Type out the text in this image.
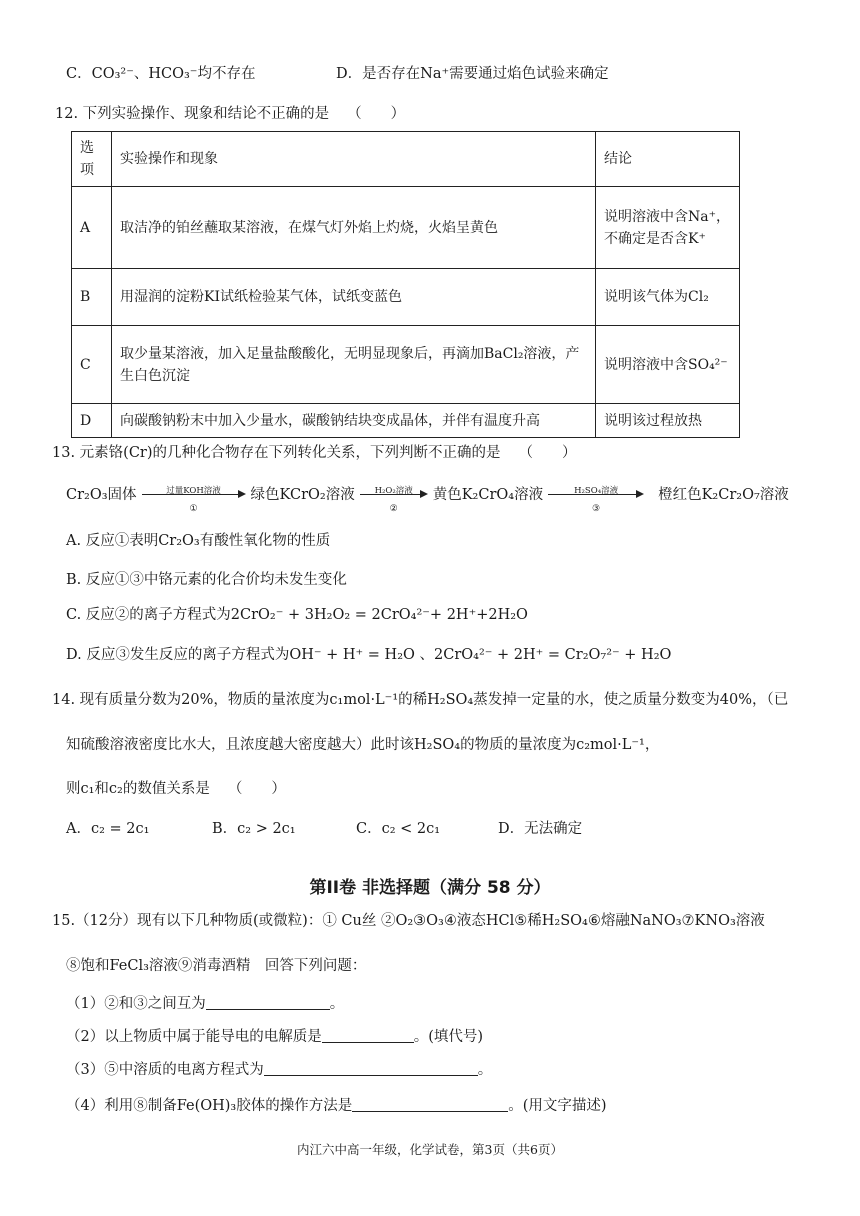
C．CO₃²⁻、HCO₃⁻均不存在	D．是否存在Na⁺需要通过焰色试验来确定
12. 下列实验操作、现象和结论不正确的是 （　　）
选项	实验操作和现象	结论
A	取洁净的铂丝蘸取某溶液，在煤气灯外焰上灼烧，火焰呈黄色	说明溶液中含Na⁺，不确定是否含K⁺
B	用湿润的淀粉KI试纸检验某气体，试纸变蓝色	说明该气体为Cl₂
C	取少量某溶液，加入足量盐酸酸化，无明显现象后，再滴加BaCl₂溶液，产生白色沉淀	说明溶液中含SO₄²⁻
D	向碳酸钠粉末中加入少量水，碳酸钠结块变成晶体，并伴有温度升高	说明该过程放热
13. 元素铬(Cr)的几种化合物存在下列转化关系，下列判断不正确的是 （　　）
Cr₂O₃固体	过量KOH溶液
①
绿色KCrO₂溶液	H₂O₂溶液
②
黄色K₂CrO₄溶液	H₂SO₄溶液
③
橙红色K₂Cr₂O₇溶液
A. 反应①表明Cr₂O₃有酸性氧化物的性质
B. 反应①③中铬元素的化合价均未发生变化
C. 反应②的离子方程式为2CrO₂⁻ + 3H₂O₂ = 2CrO₄²⁻+ 2H⁺+2H₂O
D. 反应③发生反应的离子方程式为OH⁻ + H⁺ = H₂O 、2CrO₄²⁻ + 2H⁺ = Cr₂O₇²⁻ + H₂O
14. 现有质量分数为20%，物质的量浓度为c₁mol·L⁻¹的稀H₂SO₄蒸发掉一定量的水，使之质量分数变为40%，（已
知硫酸溶液密度比水大，且浓度越大密度越大）此时该H₂SO₄的物质的量浓度为c₂mol·L⁻¹，
则c₁和c₂的数值关系是 （　　）
A．c₂ = 2c₁	B．c₂ > 2c₁	C．c₂ < 2c₁	D．无法确定
第II卷 非选择题（满分 58 分）
15.（12分）现有以下几种物质(或微粒)：① Cu丝 ②O₂③O₃④液态HCl⑤稀H₂SO₄⑥熔融NaNO₃⑦KNO₃溶液
⑧饱和FeCl₃溶液⑨消毒酒精　回答下列问题：
（1）②和③之间互为	。
（2）以上物质中属于能导电的电解质是	。(填代号)
（3）⑤中溶质的电离方程式为	。
（4）利用⑧制备Fe(OH)₃胶体的操作方法是	。(用文字描述)
内江六中高一年级，化学试卷，第3页（共6页）
